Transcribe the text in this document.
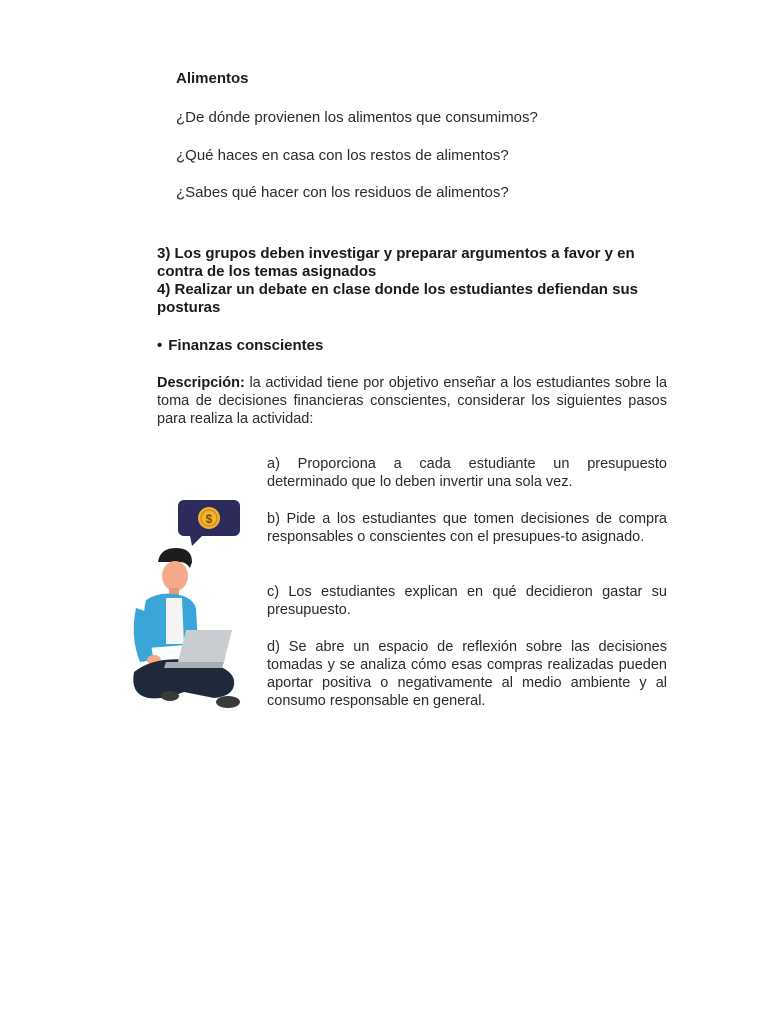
Alimentos
¿De dónde provienen los alimentos que consumimos?
¿Qué haces en casa con los restos de alimentos?
¿Sabes qué hacer con los residuos de alimentos?

3) Los grupos deben investigar y preparar argumentos a favor y en contra de los temas asignados

4) Realizar un debate en clase donde los estudiantes defiendan sus posturas

• Finanzas conscientes

Descripción: la actividad tiene por objetivo enseñar a los estudiantes sobre la toma de decisiones financieras conscientes, considerar los siguientes pasos para realiza la actividad:

a) Proporciona a cada estudiante un presupuesto determinado que lo deben invertir una sola vez.

b) Pide a los estudiantes que tomen decisiones de compra responsables o conscientes con el presupues-to asignado.

c) Los estudiantes explican en qué decidieron gastar su presupuesto.

d) Se abre un espacio de reflexión sobre las decisiones tomadas y se analiza cómo esas compras realizadas pueden aportar positiva o negativamente al medio ambiente y al consumo responsable en general.

$
